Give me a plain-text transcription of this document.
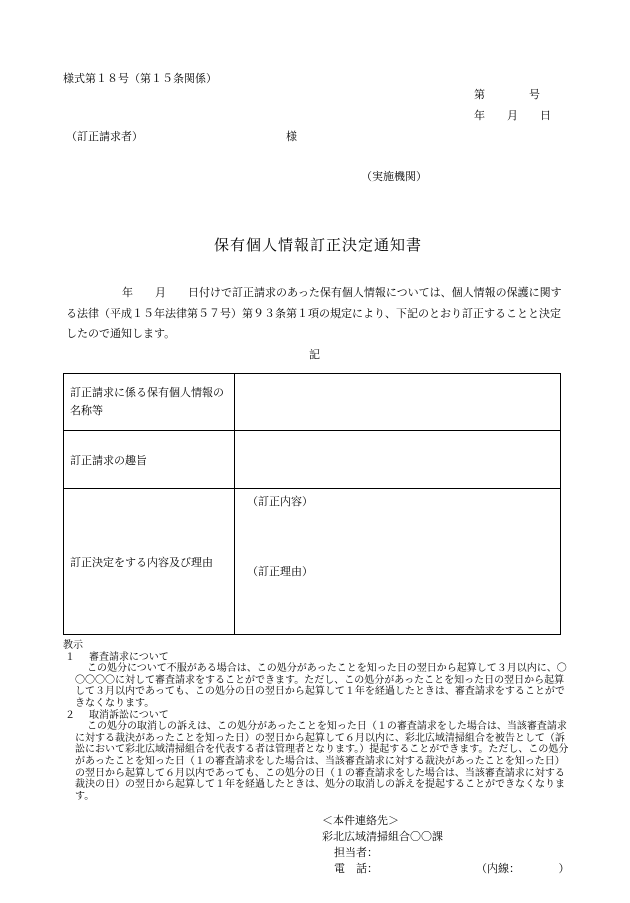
様式第１８号（第１５条関係）
第　　　　号
年　　月　　日
（訂正請求者）	様
（実施機関）
保有個人情報訂正決定通知書
年　　月　　日付けで訂正請求のあった保有個人情報については、個人情報の保護に関する法律（平成１５年法律第５７号）第９３条第１項の規定により、下記のとおり訂正することと決定したので通知します。
記
訂正請求に係る保有個人情報の名称等	
訂正請求の趣旨	
訂正決定をする内容及び理由	（訂正内容）
（訂正理由）
教示
１ 審査請求について
この処分について不服がある場合は、この処分があったことを知った日の翌日から起算して３月以内に、〇〇〇〇〇に対して審査請求をすることができます。ただし、この処分があったことを知った日の翌日から起算して３月以内であっても、この処分の日の翌日から起算して１年を経過したときは、審査請求をすることができなくなります。
２ 取消訴訟について
この処分の取消しの訴えは、この処分があったことを知った日（１の審査請求をした場合は、当該審査請求に対する裁決があったことを知った日）の翌日から起算して６月以内に、彩北広域清掃組合を被告として（訴訟において彩北広域清掃組合を代表する者は管理者となります。）提起することができます。ただし、この処分があったことを知った日（１の審査請求をした場合は、当該審査請求に対する裁決があったことを知った日）の翌日から起算して６月以内であっても、この処分の日（１の審査請求をした場合は、当該審査請求に対する裁決の日）の翌日から起算して１年を経過したときは、処分の取消しの訴えを提起することができなくなります。
＜本件連絡先＞
彩北広域清掃組合〇〇課
担当者：
電　話：	（内線：　　　　）
